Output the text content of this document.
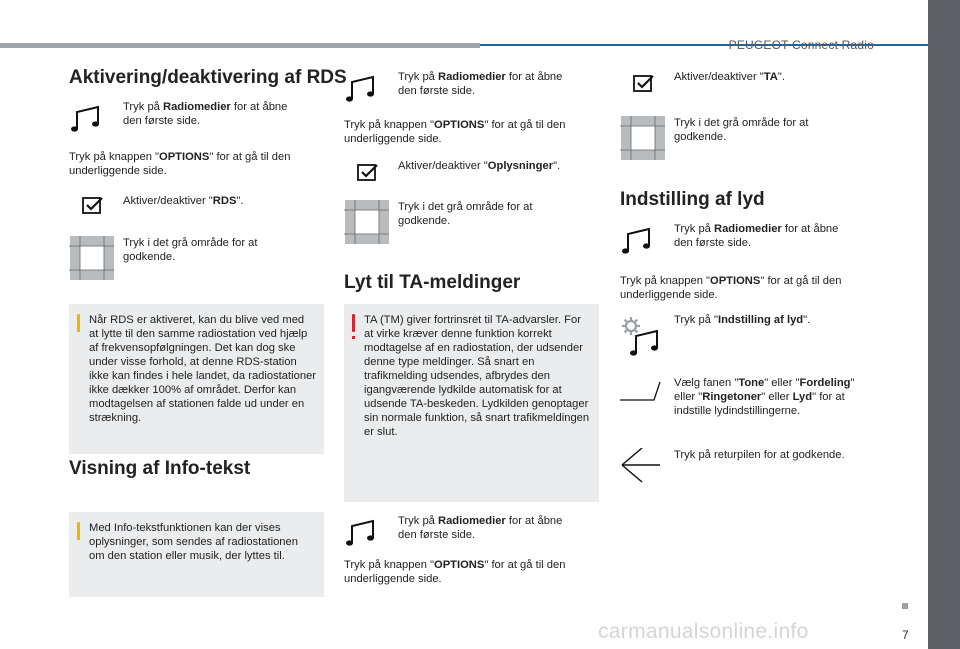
PEUGEOT Connect Radio
Aktivering/deaktivering af RDS
Tryk på Radiomedier for at åbne den første side.
Tryk på knappen "OPTIONS" for at gå til den underliggende side.
Aktiver/deaktiver "RDS".
Tryk i det grå område for at godkende.
Når RDS er aktiveret, kan du blive ved med at lytte til den samme radiostation ved hjælp af frekvensopfølgningen. Det kan dog ske under visse forhold, at denne RDS-station ikke kan findes i hele landet, da radiostationer ikke dækker 100% af området. Derfor kan modtagelsen af stationen falde ud under en strækning.
Visning af Info-tekst
Med Info-tekstfunktionen kan der vises oplysninger, som sendes af radiostationen om den station eller musik, der lyttes til.
Tryk på Radiomedier for at åbne den første side.
Tryk på knappen "OPTIONS" for at gå til den underliggende side.
Aktiver/deaktiver "Oplysninger".
Tryk i det grå område for at godkende.
Lyt til TA-meldinger
TA (TM) giver fortrinsret til TA-advarsler. For at virke kræver denne funktion korrekt modtagelse af en radiostation, der udsender denne type meldinger. Så snart en trafikmelding udsendes, afbrydes den igangværende lydkilde automatisk for at udsende TA-beskeden. Lydkilden genoptager sin normale funktion, så snart trafikmeldingen er slut.
Tryk på Radiomedier for at åbne den første side.
Tryk på knappen "OPTIONS" for at gå til den underliggende side.
Aktiver/deaktiver "TA".
Tryk i det grå område for at godkende.
Indstilling af lyd
Tryk på Radiomedier for at åbne den første side.
Tryk på knappen "OPTIONS" for at gå til den underliggende side.
Tryk på "Indstilling af lyd".
Vælg fanen "Tone" eller "Fordeling" eller "Ringetoner" eller Lyd" for at indstille lydindstillingerne.
Tryk på returpilen for at godkende.
7
carmanualsonline.info
